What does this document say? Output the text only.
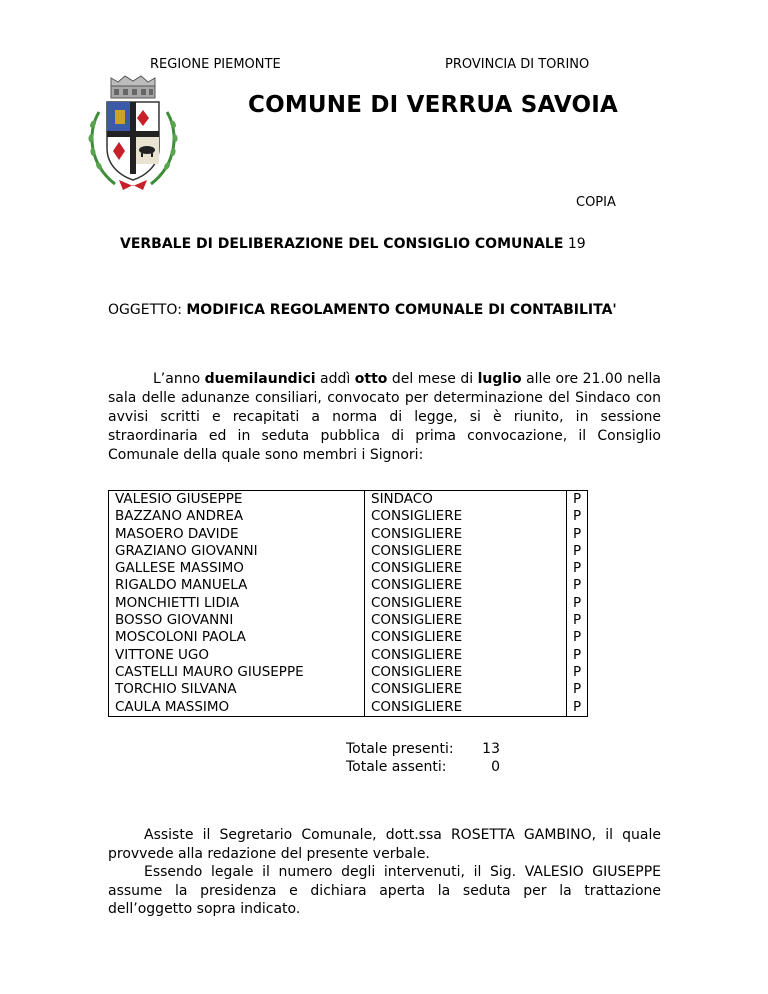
REGIONE PIEMONTE	PROVINCIA DI TORINO
COMUNE DI VERRUA SAVOIA
COPIA
VERBALE DI DELIBERAZIONE DEL CONSIGLIO COMUNALE 19
OGGETTO: MODIFICA REGOLAMENTO COMUNALE DI CONTABILITA'
L’anno duemilaundici addì otto del mese di luglio alle ore 21.00 nella sala delle adunanze consiliari, convocato per determinazione del Sindaco con avvisi scritti e recapitati a norma di legge, si è riunito, in sessione straordinaria ed in seduta pubblica di prima convocazione, il Consiglio Comunale della quale sono membri i Signori:
VALESIO GIUSEPPE	SINDACO	P
BAZZANO ANDREA	CONSIGLIERE	P
MASOERO DAVIDE	CONSIGLIERE	P
GRAZIANO GIOVANNI	CONSIGLIERE	P
GALLESE MASSIMO	CONSIGLIERE	P
RIGALDO MANUELA	CONSIGLIERE	P
MONCHIETTI LIDIA	CONSIGLIERE	P
BOSSO GIOVANNI	CONSIGLIERE	P
MOSCOLONI PAOLA	CONSIGLIERE	P
VITTONE UGO	CONSIGLIERE	P
CASTELLI MAURO GIUSEPPE	CONSIGLIERE	P
TORCHIO SILVANA	CONSIGLIERE	P
CAULA MASSIMO	CONSIGLIERE	P
Totale presenti: 13
Totale assenti:	0

Assiste il Segretario Comunale, dott.ssa ROSETTA GAMBINO, il quale provvede alla redazione del presente verbale.

Essendo legale il numero degli intervenuti, il Sig. VALESIO GIUSEPPE assume la presidenza e dichiara aperta la seduta per la trattazione dell’oggetto sopra indicato.
